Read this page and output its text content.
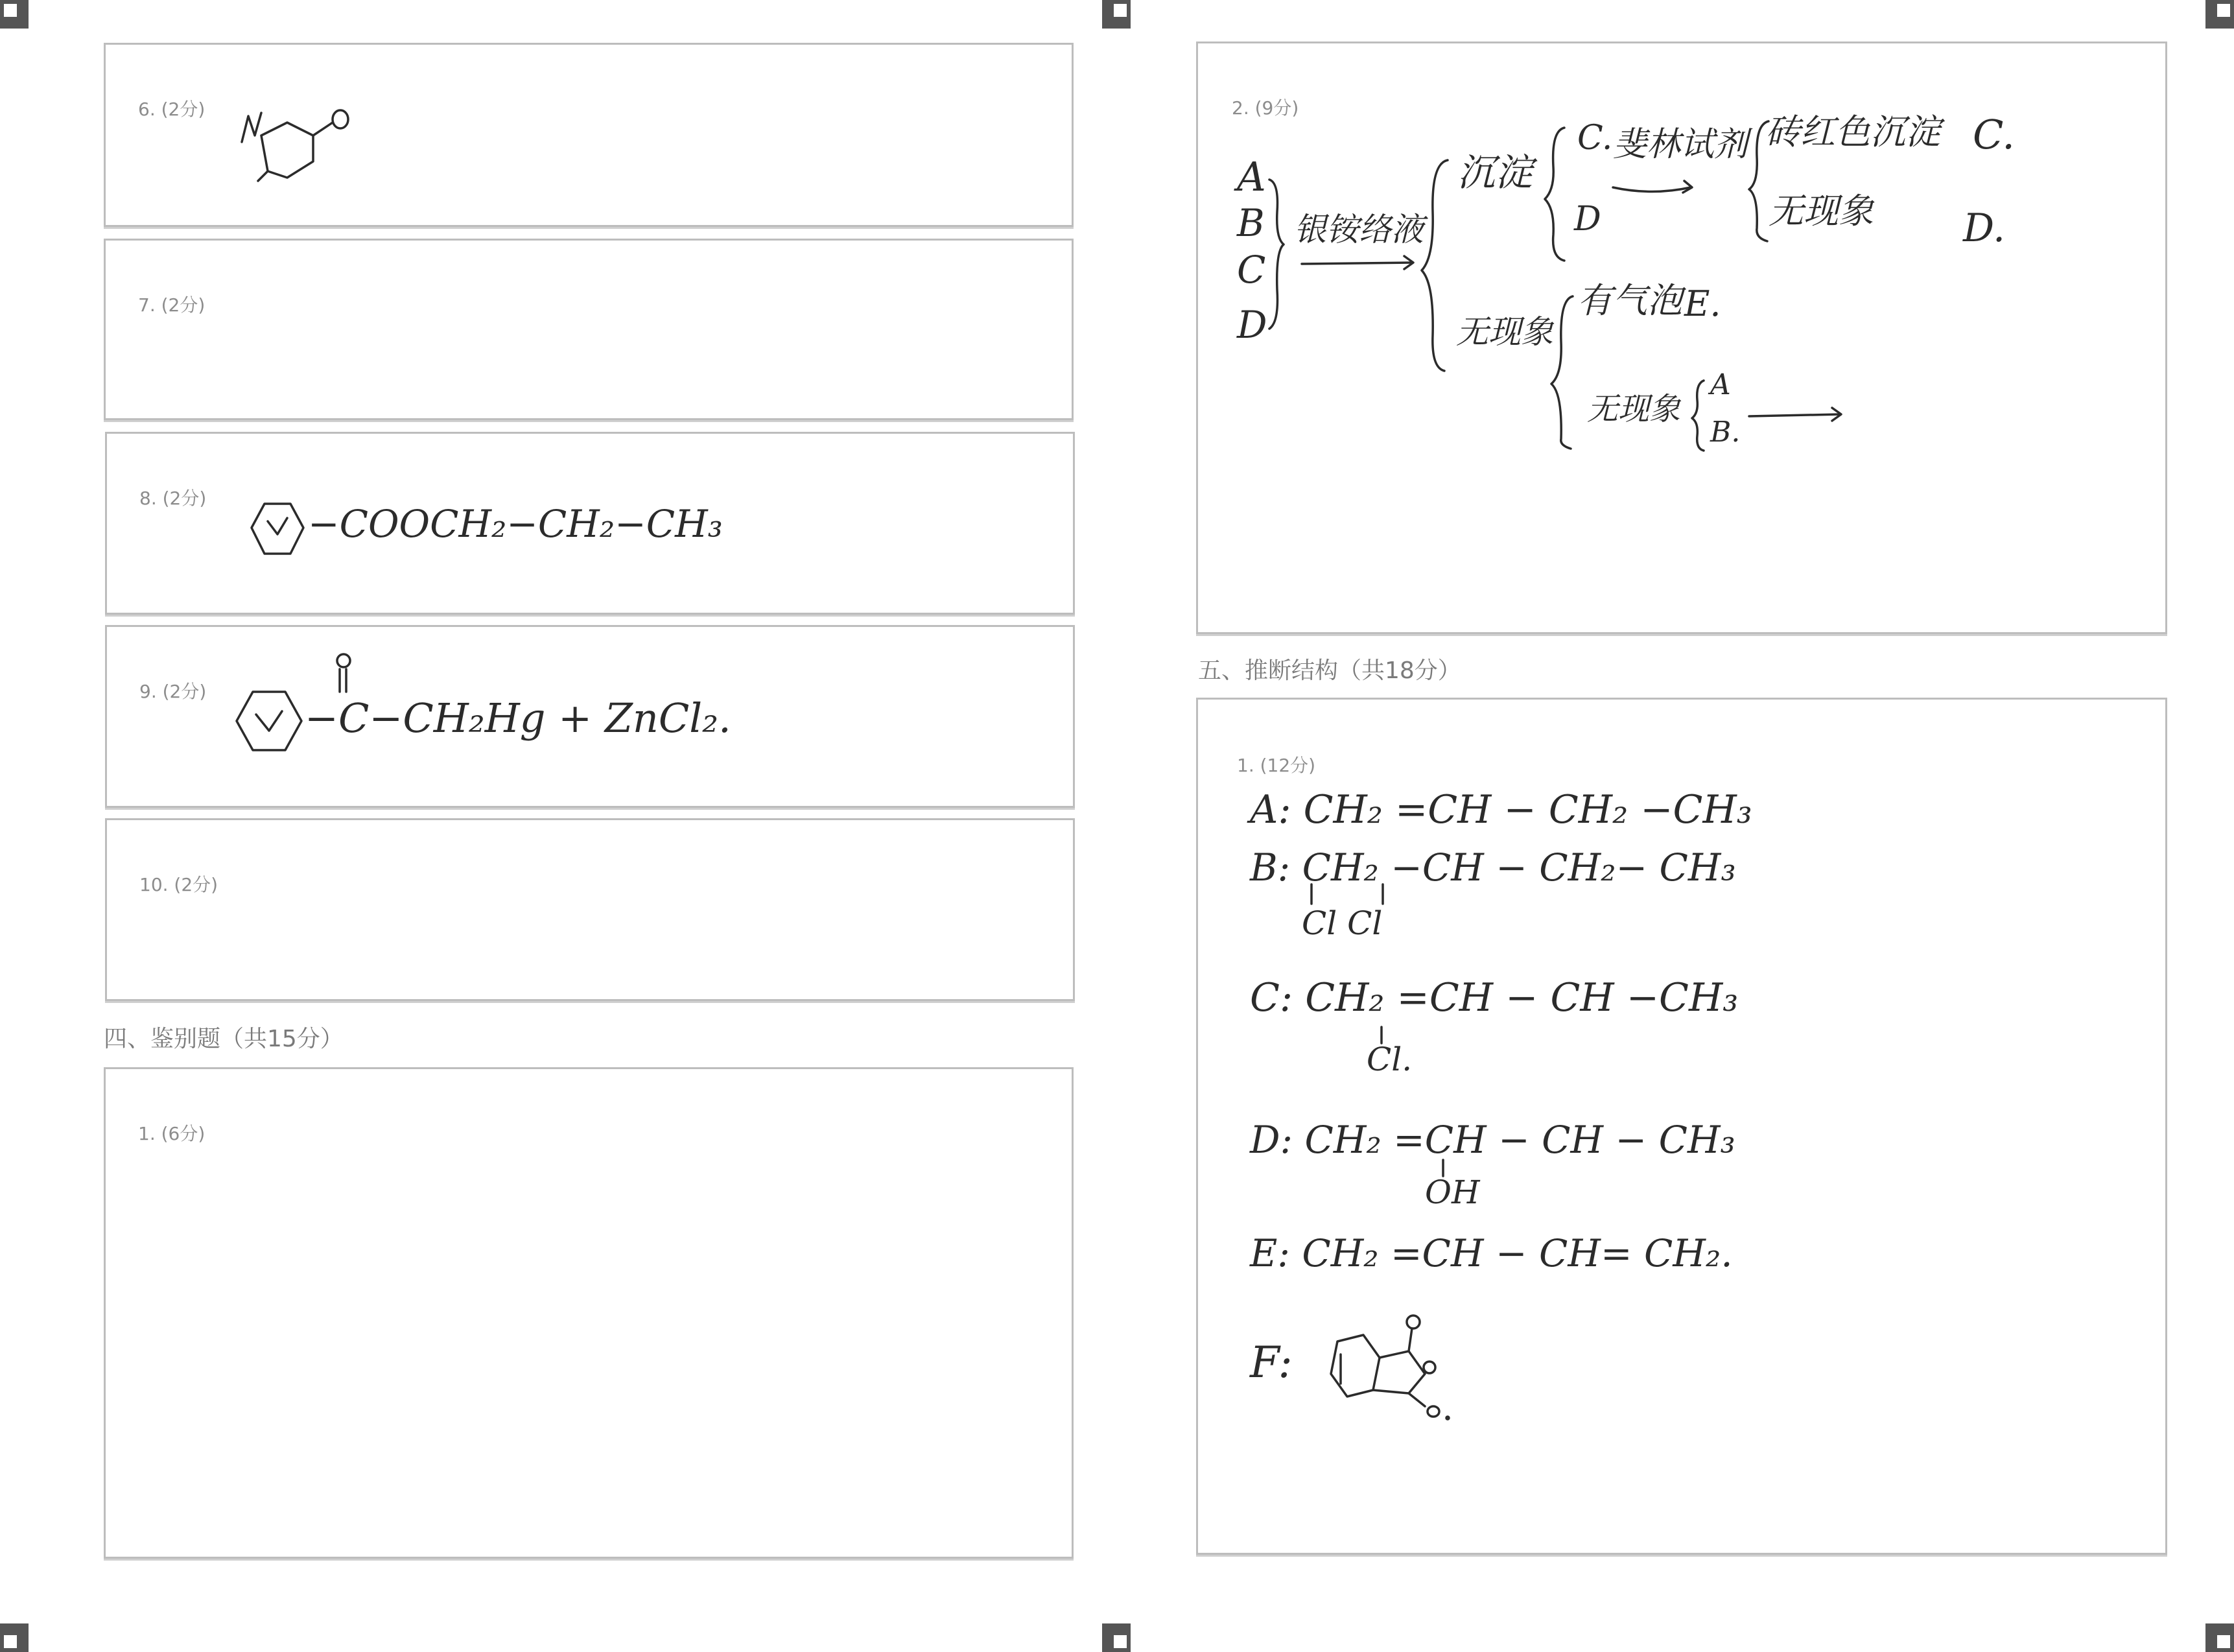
6. (2分)
7. (2分)
8. (2分)
−COOCH₂−CH₂−CH₃
9. (2分)
−C−CH₂Hg + ZnCl₂.
10. (2分)
四、鉴别题（共15分）
1. (6分)
2. (9分)
A
B
C
D
银铵络液
沉淀
无现象
C. 斐林试剂
D
砖红色沉淀 C.
无现象 D.
有气泡 E.
无现象
A
B.
五、推断结构（共18分）
1. (12分)
A: CH₂ =CH − CH₂ −CH₃
B: CH₂ −CH − CH₂− CH₃
Cl Cl
C: CH₂ =CH − CH −CH₃
Cl.
D: CH₂ =CH − CH − CH₃
OH
E: CH₂ =CH − CH= CH₂.
F:
